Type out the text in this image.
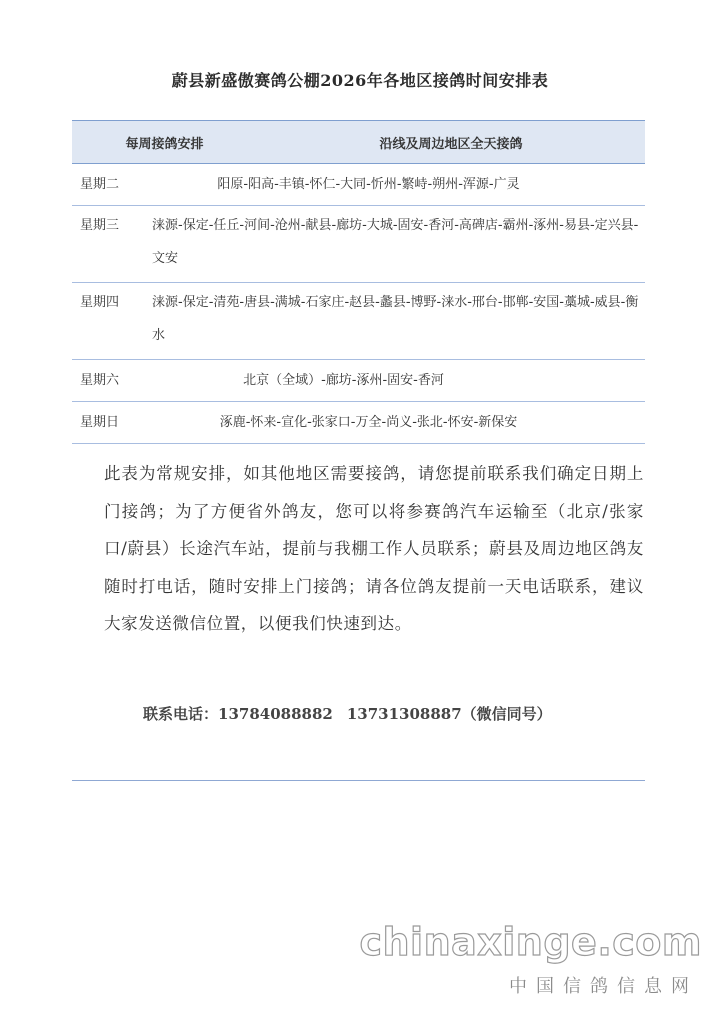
蔚县新盛傲赛鸽公棚2026年各地区接鸽时间安排表
每周接鸽安排	沿线及周边地区全天接鸽
星期二	阳原-阳高-丰镇-怀仁-大同-忻州-繁峙-朔州-浑源-广灵
星期三	涞源-保定-任丘-河间-沧州-献县-廊坊-大城-固安-香河-高碑店-霸州-涿州-易县-定兴县-文安
星期四	涞源-保定-清苑-唐县-满城-石家庄-赵县-蠡县-博野-涞水-邢台-邯郸-安国-藁城-威县-衡水
星期六	北京（全域）-廊坊-涿州-固安-香河
星期日	涿鹿-怀来-宣化-张家口-万全-尚义-张北-怀安-新保安
此表为常规安排，如其他地区需要接鸽，请您提前联系我们确定日期上门接鸽；为了方便省外鸽友，您可以将参赛鸽汽车运输至（北京/张家口/蔚县）长途汽车站，提前与我棚工作人员联系；蔚县及周边地区鸽友随时打电话，随时安排上门接鸽；请各位鸽友提前一天电话联系，建议大家发送微信位置，以便我们快速到达。
联系电话：13784088882 13731308887（微信同号）
chinaxinge.com
中国信鸽信息网
